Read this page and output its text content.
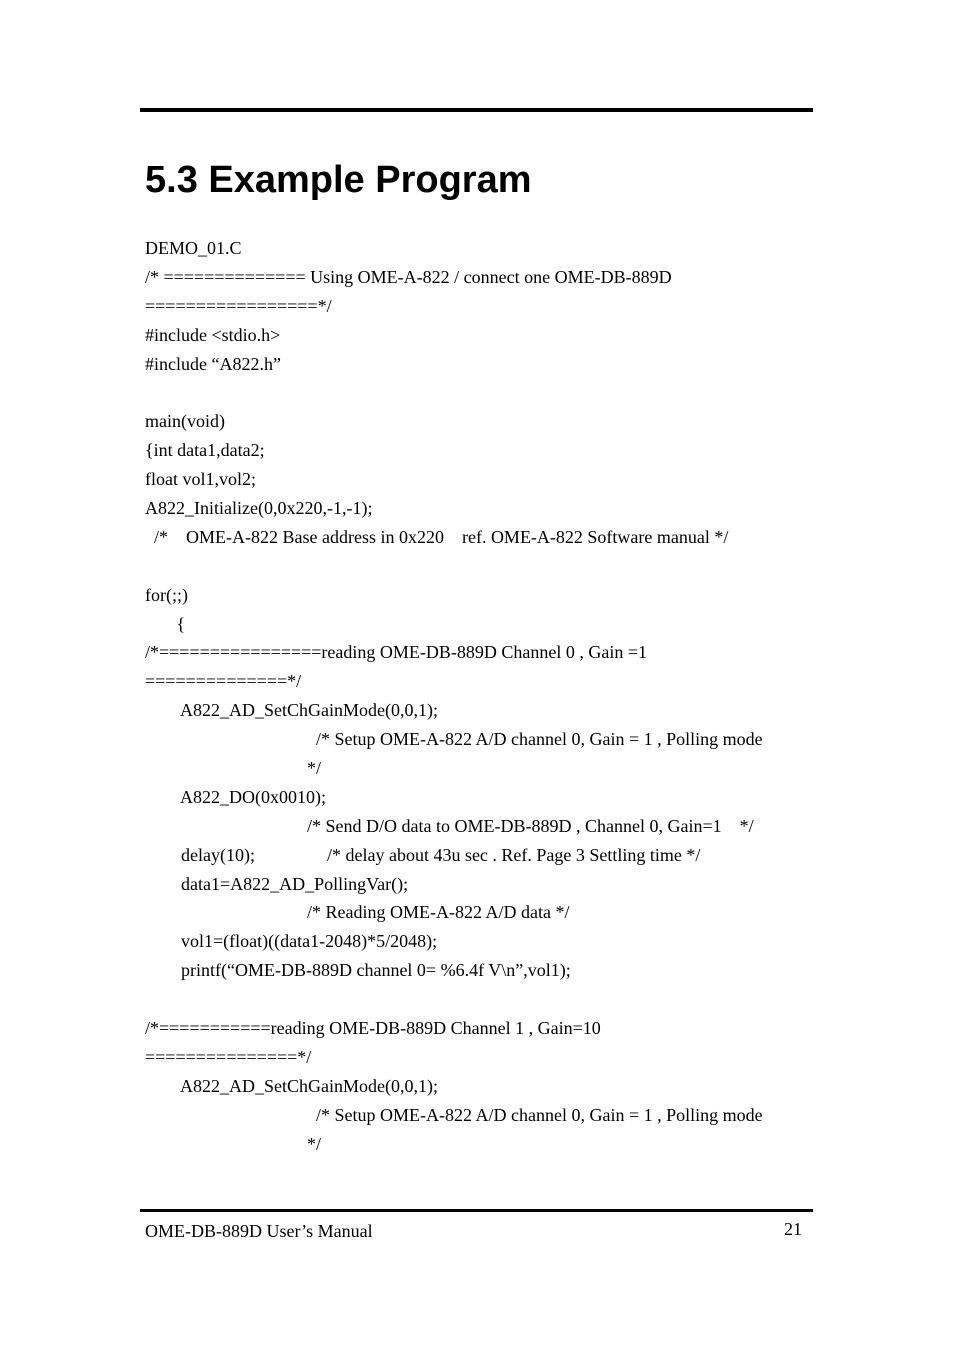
5.3 Example Program
DEMO_01.C
/* ============== Using OME-A-822 / connect one OME-DB-889D
=================*/
#include <stdio.h>
#include “A822.h”
main(void)
{int data1,data2;
float vol1,vol2;
A822_Initialize(0,0x220,-1,-1);
/*    OME-A-822 Base address in 0x220    ref. OME-A-822 Software manual */
for(;;)
{
/*================reading OME-DB-889D Channel 0 , Gain =1
==============*/
A822_AD_SetChGainMode(0,0,1);
/* Setup OME-A-822 A/D channel 0, Gain = 1 , Polling mode
*/
A822_DO(0x0010);
/* Send D/O data to OME-DB-889D , Channel 0, Gain=1    */
delay(10);                /* delay about 43u sec . Ref. Page 3 Settling time */
data1=A822_AD_PollingVar();
/* Reading OME-A-822 A/D data */
vol1=(float)((data1-2048)*5/2048);
printf(“OME-DB-889D channel 0= %6.4f V\n”,vol1);
/*===========reading OME-DB-889D Channel 1 , Gain=10
===============*/
A822_AD_SetChGainMode(0,0,1);
/* Setup OME-A-822 A/D channel 0, Gain = 1 , Polling mode
*/
OME-DB-889D User’s Manual	21
